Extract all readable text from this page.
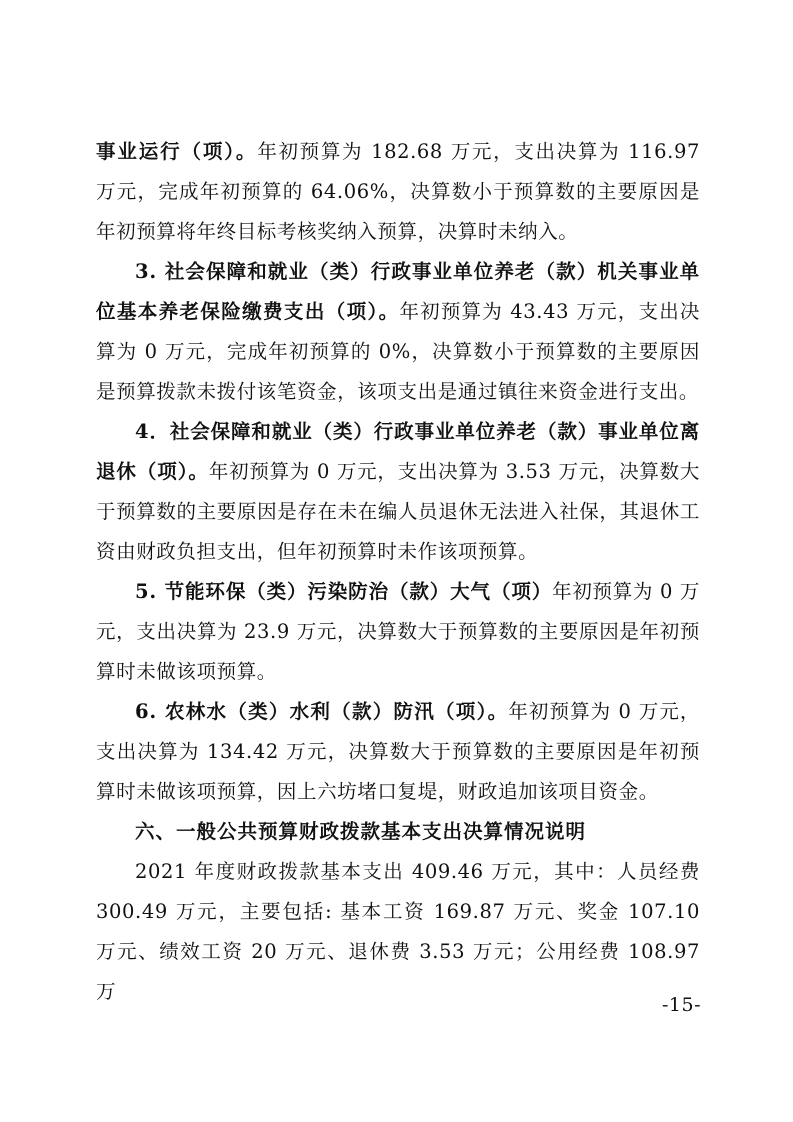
事业运行（项）。年初预算为 182.68 万元，支出决算为 116.97 万元，完成年初预算的 64.06%，决算数小于预算数的主要原因是年初预算将年终目标考核奖纳入预算，决算时未纳入。

3. 社会保障和就业（类）行政事业单位养老（款）机关事业单位基本养老保险缴费支出（项）。年初预算为 43.43 万元，支出决算为 0 万元，完成年初预算的 0%，决算数小于预算数的主要原因是预算拨款未拨付该笔资金，该项支出是通过镇往来资金进行支出。

4．社会保障和就业（类）行政事业单位养老（款）事业单位离退休（项）。年初预算为 0 万元，支出决算为 3.53 万元，决算数大于预算数的主要原因是存在未在编人员退休无法进入社保，其退休工资由财政负担支出，但年初预算时未作该项预算。

5. 节能环保（类）污染防治（款）大气（项）年初预算为 0 万元，支出决算为 23.9 万元，决算数大于预算数的主要原因是年初预算时未做该项预算。

6. 农林水（类）水利（款）防汛（项）。年初预算为 0 万元，支出决算为 134.42 万元，决算数大于预算数的主要原因是年初预算时未做该项预算，因上六坊堵口复堤，财政追加该项目资金。

六、一般公共预算财政拨款基本支出决算情况说明

2021 年度财政拨款基本支出 409.46 万元，其中：人员经费 300.49 万元，主要包括: 基本工资 169.87 万元、奖金 107.10 万元、绩效工资 20 万元、退休费 3.53 万元；公用经费 108.97 万

-15-
